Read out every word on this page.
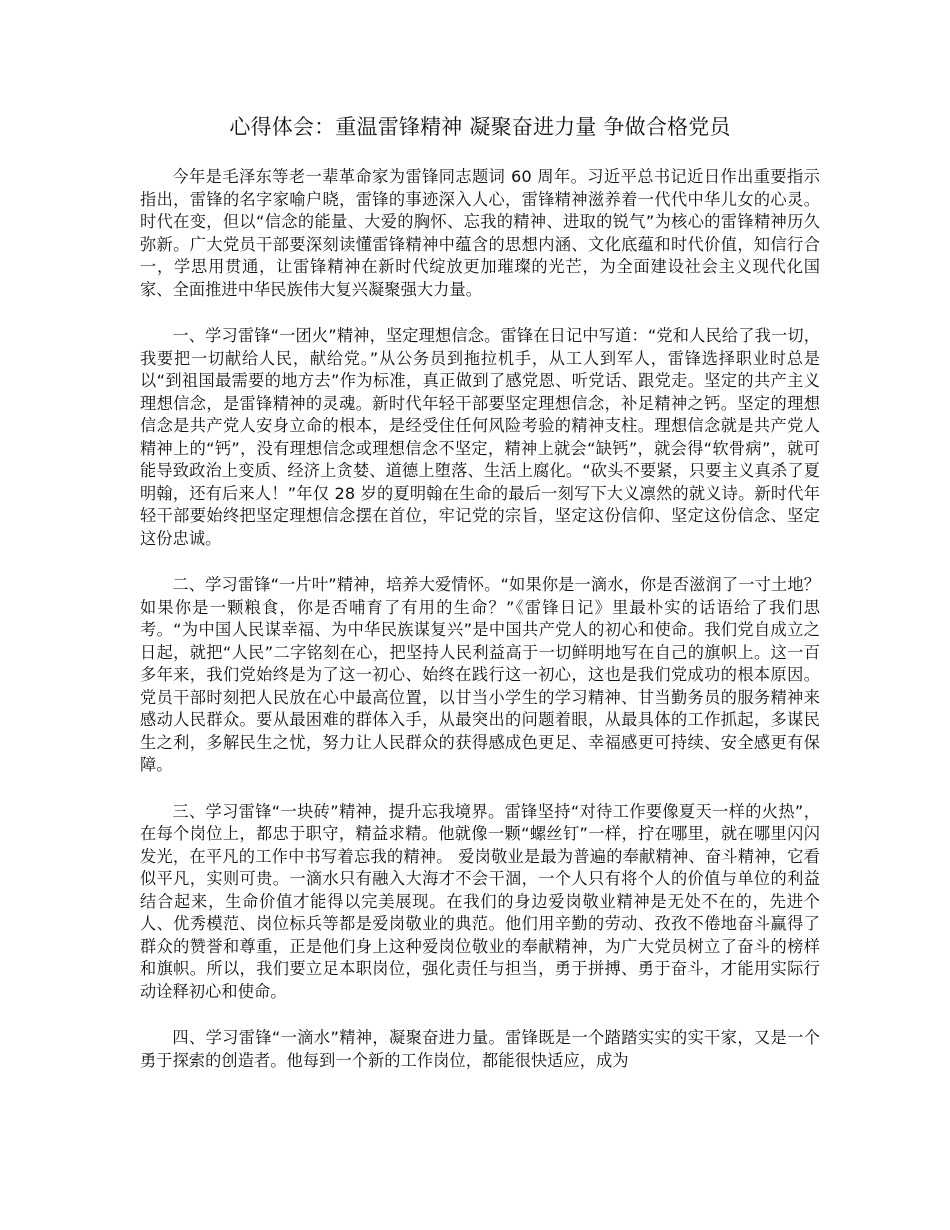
心得体会：重温雷锋精神 凝聚奋进力量 争做合格党员

今年是毛泽东等老一辈革命家为雷锋同志题词 60 周年。习近平总书记近日作出重要指示指出，雷锋的名字家喻户晓，雷锋的事迹深入人心，雷锋精神滋养着一代代中华儿女的心灵。时代在变，但以“信念的能量、大爱的胸怀、忘我的精神、进取的锐气”为核心的雷锋精神历久弥新。广大党员干部要深刻读懂雷锋精神中蕴含的思想内涵、文化底蕴和时代价值，知信行合一，学思用贯通，让雷锋精神在新时代绽放更加璀璨的光芒，为全面建设社会主义现代化国家、全面推进中华民族伟大复兴凝聚强大力量。

一、学习雷锋“一团火”精神，坚定理想信念。雷锋在日记中写道：“党和人民给了我一切，我要把一切献给人民，献给党。”从公务员到拖拉机手，从工人到军人，雷锋选择职业时总是以“到祖国最需要的地方去”作为标准，真正做到了感党恩、听党话、跟党走。坚定的共产主义理想信念，是雷锋精神的灵魂。新时代年轻干部要坚定理想信念，补足精神之钙。坚定的理想信念是共产党人安身立命的根本，是经受住任何风险考验的精神支柱。理想信念就是共产党人精神上的“钙”，没有理想信念或理想信念不坚定，精神上就会“缺钙”，就会得“软骨病”，就可能导致政治上变质、经济上贪婪、道德上堕落、生活上腐化。“砍头不要紧，只要主义真杀了夏明翰，还有后来人！”年仅 28 岁的夏明翰在生命的最后一刻写下大义凛然的就义诗。新时代年轻干部要始终把坚定理想信念摆在首位，牢记党的宗旨，坚定这份信仰、坚定这份信念、坚定这份忠诚。

二、学习雷锋“一片叶”精神，培养大爱情怀。“如果你是一滴水，你是否滋润了一寸土地？如果你是一颗粮食，你是否哺育了有用的生命？”《雷锋日记》里最朴实的话语给了我们思考。“为中国人民谋幸福、为中华民族谋复兴”是中国共产党人的初心和使命。我们党自成立之日起，就把“人民”二字铭刻在心，把坚持人民利益高于一切鲜明地写在自己的旗帜上。这一百多年来，我们党始终是为了这一初心、始终在践行这一初心，这也是我们党成功的根本原因。党员干部时刻把人民放在心中最高位置，以甘当小学生的学习精神、甘当勤务员的服务精神来感动人民群众。要从最困难的群体入手，从最突出的问题着眼，从最具体的工作抓起，多谋民生之利，多解民生之忧，努力让人民群众的获得感成色更足、幸福感更可持续、安全感更有保障。

三、学习雷锋“一块砖”精神，提升忘我境界。雷锋坚持“对待工作要像夏天一样的火热”，在每个岗位上，都忠于职守，精益求精。他就像一颗“螺丝钉”一样，拧在哪里，就在哪里闪闪发光，在平凡的工作中书写着忘我的精神。 爱岗敬业是最为普遍的奉献精神、奋斗精神，它看似平凡，实则可贵。一滴水只有融入大海才不会干涸，一个人只有将个人的价值与单位的利益结合起来，生命价值才能得以完美展现。在我们的身边爱岗敬业精神是无处不在的，先进个人、优秀模范、岗位标兵等都是爱岗敬业的典范。他们用辛勤的劳动、孜孜不倦地奋斗赢得了群众的赞誉和尊重，正是他们身上这种爱岗位敬业的奉献精神，为广大党员树立了奋斗的榜样和旗帜。所以，我们要立足本职岗位，强化责任与担当，勇于拼搏、勇于奋斗，才能用实际行动诠释初心和使命。

四、学习雷锋“一滴水”精神，凝聚奋进力量。雷锋既是一个踏踏实实的实干家，又是一个勇于探索的创造者。他每到一个新的工作岗位，都能很快适应，成为
